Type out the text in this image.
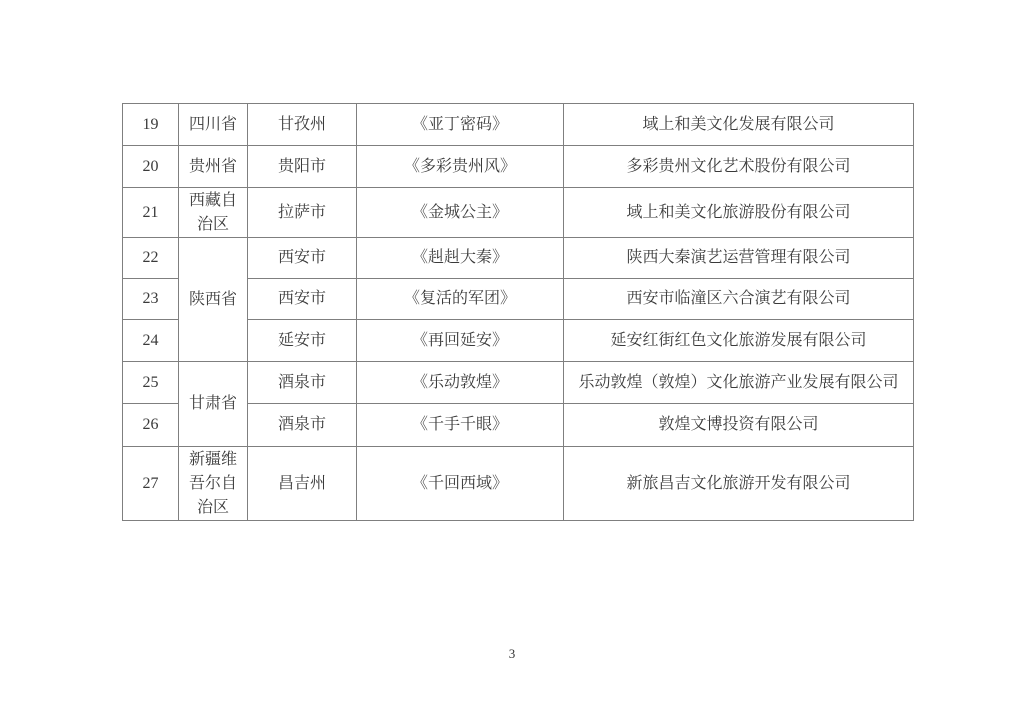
19	四川省	甘孜州	《亚丁密码》	域上和美文化发展有限公司
20	贵州省	贵阳市	《多彩贵州风》	多彩贵州文化艺术股份有限公司
21	西藏自治区	拉萨市	《金城公主》	域上和美文化旅游股份有限公司
22	陕西省	西安市	《赳赳大秦》	陕西大秦演艺运营管理有限公司
23		西安市	《复活的军团》	西安市临潼区六合演艺有限公司
24		延安市	《再回延安》	延安红街红色文化旅游发展有限公司
25	甘肃省	酒泉市	《乐动敦煌》	乐动敦煌（敦煌）文化旅游产业发展有限公司
26		酒泉市	《千手千眼》	敦煌文博投资有限公司
27	新疆维吾尔自治区	昌吉州	《千回西域》	新旅昌吉文化旅游开发有限公司
3
